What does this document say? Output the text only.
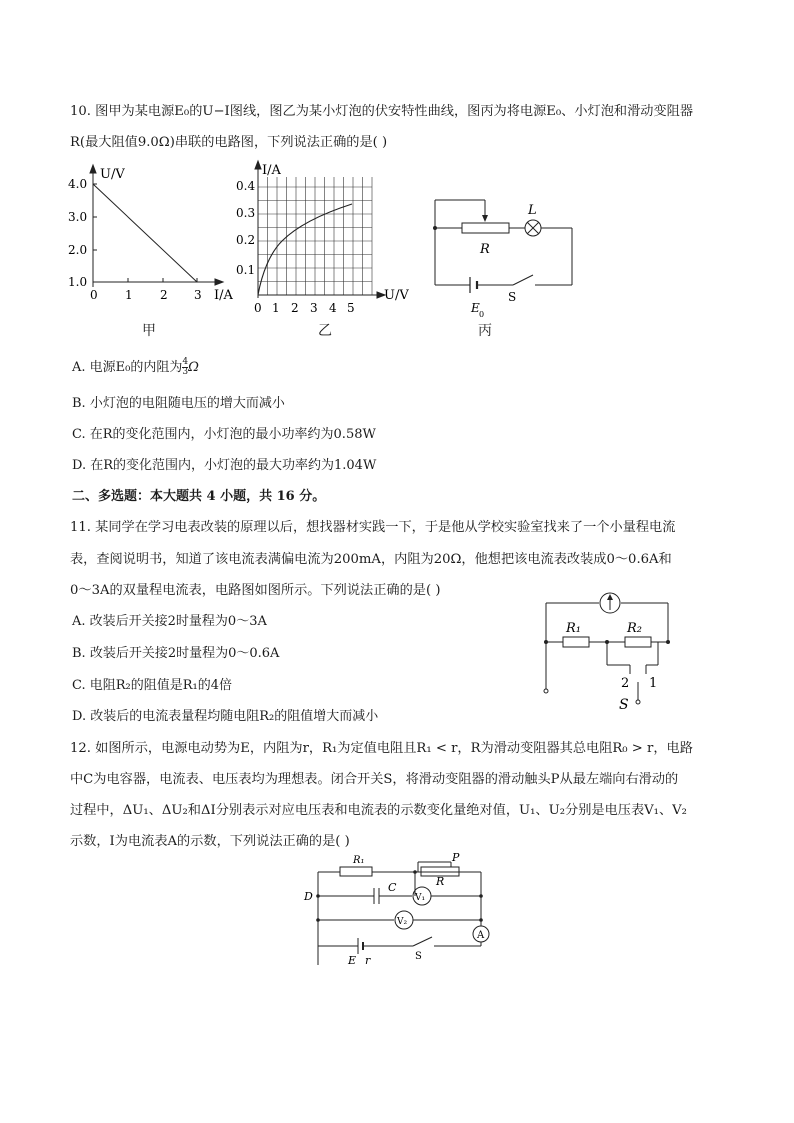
10. 图甲为某电源E₀的U−I图线，图乙为某小灯泡的伏安特性曲线，图丙为将电源E₀、小灯泡和滑动变阻器
R(最大阻值9.0Ω)串联的电路图，下列说法正确的是( )
U/V
I/A
4.0
3.0
2.0
1.0
0 1 2 3
甲
I/A
U/V
0.4
0.3
0.2
0.1
0 1 2 3 4 5
乙
L
R
S
E 0
丙
A. 电源E₀的内阻为 $\frac{4}{3}$ Ω
B. 小灯泡的电阻随电压的增大而减小
C. 在R的变化范围内，小灯泡的最小功率约为0.58W
D. 在R的变化范围内，小灯泡的最大功率约为1.04W
二、多选题：本大题共 4 小题，共 16 分。
11. 某同学在学习电表改装的原理以后，想找器材实践一下，于是他从学校实验室找来了一个小量程电流
表，查阅说明书，知道了该电流表满偏电流为200mA，内阻为20Ω，他想把该电流表改装成0～0.6A和
0～3A的双量程电流表，电路图如图所示。下列说法正确的是( )
A. 改装后开关接2时量程为0～3A
B. 改装后开关接2时量程为0～0.6A
C. 电阻R₂的阻值是R₁的4倍
D. 改装后的电流表量程均随电阻R₂的阻值增大而减小
R₁	R₂
2 1
S
12. 如图所示，电源电动势为E，内阻为r，R₁为定值电阻且R₁ < r，R为滑动变阻器其总电阻R₀ > r，电路
中C为电容器，电流表、电压表均为理想表。闭合开关S，将滑动变阻器的滑动触头P从最左端向右滑动的
过程中，ΔU₁、ΔU₂和ΔI分别表示对应电压表和电流表的示数变化量绝对值，U₁、U₂分别是电压表V₁、V₂
示数，I为电流表A的示数，下列说法正确的是( )
R₁	P
R
C
D	V₁
V₂
A
E r	S
